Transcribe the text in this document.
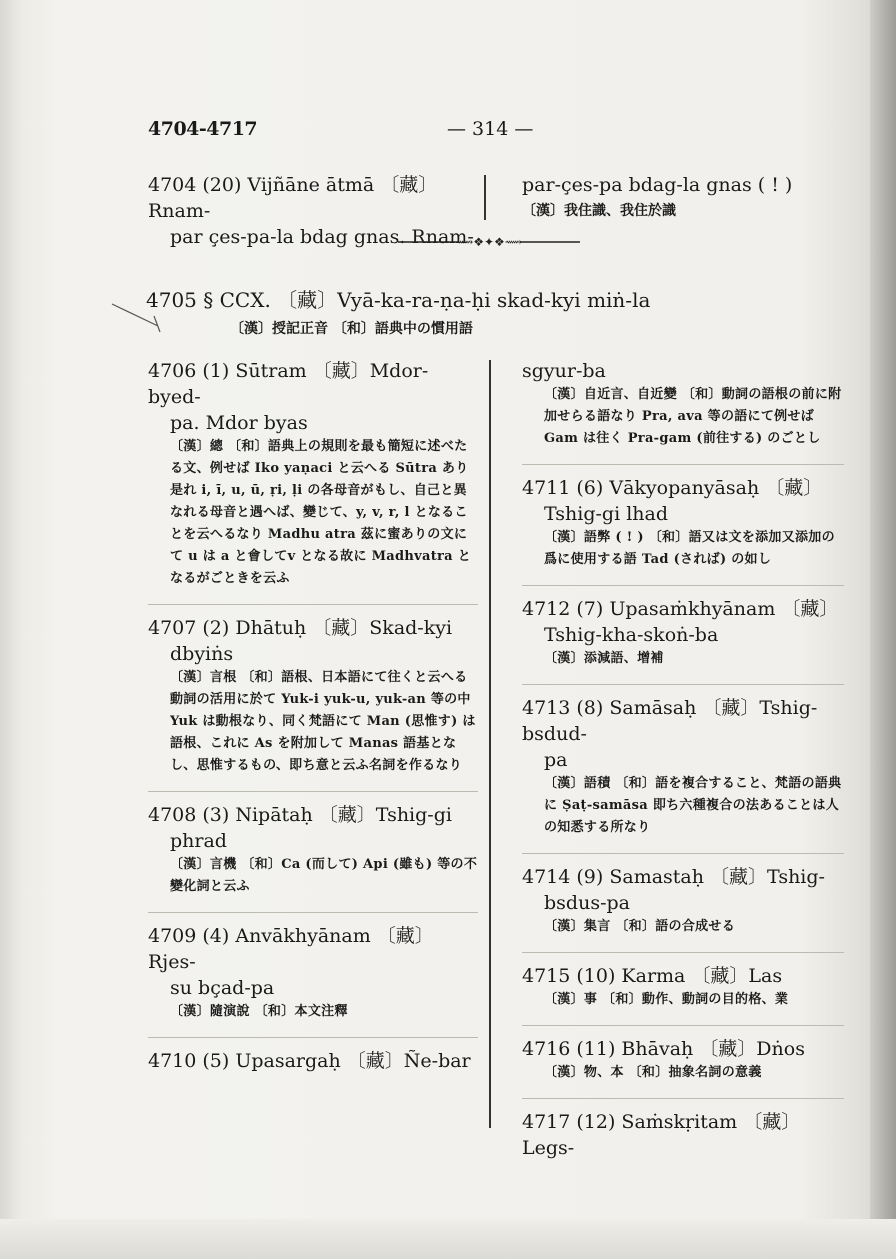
4704-4717	— 314 —
4704 (20) Vijñāne ātmā 〔藏〕Rnam-
par çes-pa-la bdag gnas. Rnam-
par-çes-pa bdag-la gnas ( ! )
〔漢〕我住識、我住於識
⟿❖✦❖⟿
4705 § CCX. 〔藏〕Vyā-ka-ra-ṇa-ḥi skad-kyi miṅ-la
〔漢〕授記正音 〔和〕語典中の慣用語
4706 (1) Sūtram 〔藏〕Mdor-byed-
pa. Mdor byas
〔漢〕總 〔和〕語典上の規則を最も簡短に述べたる文、例せば Iko yaṇaci と云へる Sūtra あり是れ i, ī, u, ū, ṛi, ḷi の各母音がもし、自己と異なれる母音と遇へば、變じて、y, v, r, l となることを云へるなり Madhu atra 茲に蜜ありの文にて u は a と會してv となる故に Madhvatra となるがごときを云ふ
4707 (2) Dhātuḥ 〔藏〕Skad-kyi
dbyiṅs
〔漢〕言根 〔和〕語根、日本語にて往くと云へる動詞の活用に於て Yuk-i yuk-u, yuk-an 等の中 Yuk は動根なり、同く梵語にて Man (思惟す) は語根、これに As を附加して Manas 語基となし、思惟するもの、即ち意と云ふ名詞を作るなり
4708 (3) Nipātaḥ 〔藏〕Tshig-gi
phrad
〔漢〕言機 〔和〕Ca (而して) Api (雖も) 等の不變化詞と云ふ
4709 (4) Anvākhyānam 〔藏〕Rjes-
su bçad-pa
〔漢〕隨演說 〔和〕本文注釋
4710 (5) Upasargaḥ 〔藏〕Ñe-bar
sgyur-ba
〔漢〕自近言、自近變 〔和〕動詞の語根の前に附加せらる語なり Pra, ava 等の語にて例せば Gam は往く Pra-gam (前往する) のごとし
4711 (6) Vākyopanyāsaḥ 〔藏〕
Tshig-gi lhad
〔漢〕語弊 ( ! ) 〔和〕語又は文を添加又添加の爲に使用する語 Tad (されば) の如し
4712 (7) Upasaṁkhyānam 〔藏〕
Tshig-kha-skoṅ-ba
〔漢〕添減語、增補
4713 (8) Samāsaḥ 〔藏〕Tshig-bsdud-
pa
〔漢〕語積 〔和〕語を複合すること、梵語の語典に Ṣaṭ-samāsa 即ち六種複合の法あることは人の知悉する所なり
4714 (9) Samastaḥ 〔藏〕Tshig-
bsdus-pa
〔漢〕集言 〔和〕語の合成せる
4715 (10) Karma 〔藏〕Las
〔漢〕事 〔和〕動作、動詞の目的格、業
4716 (11) Bhāvaḥ 〔藏〕Dṅos
〔漢〕物、本 〔和〕抽象名詞の意義
4717 (12) Saṁskṛitam 〔藏〕Legs-
